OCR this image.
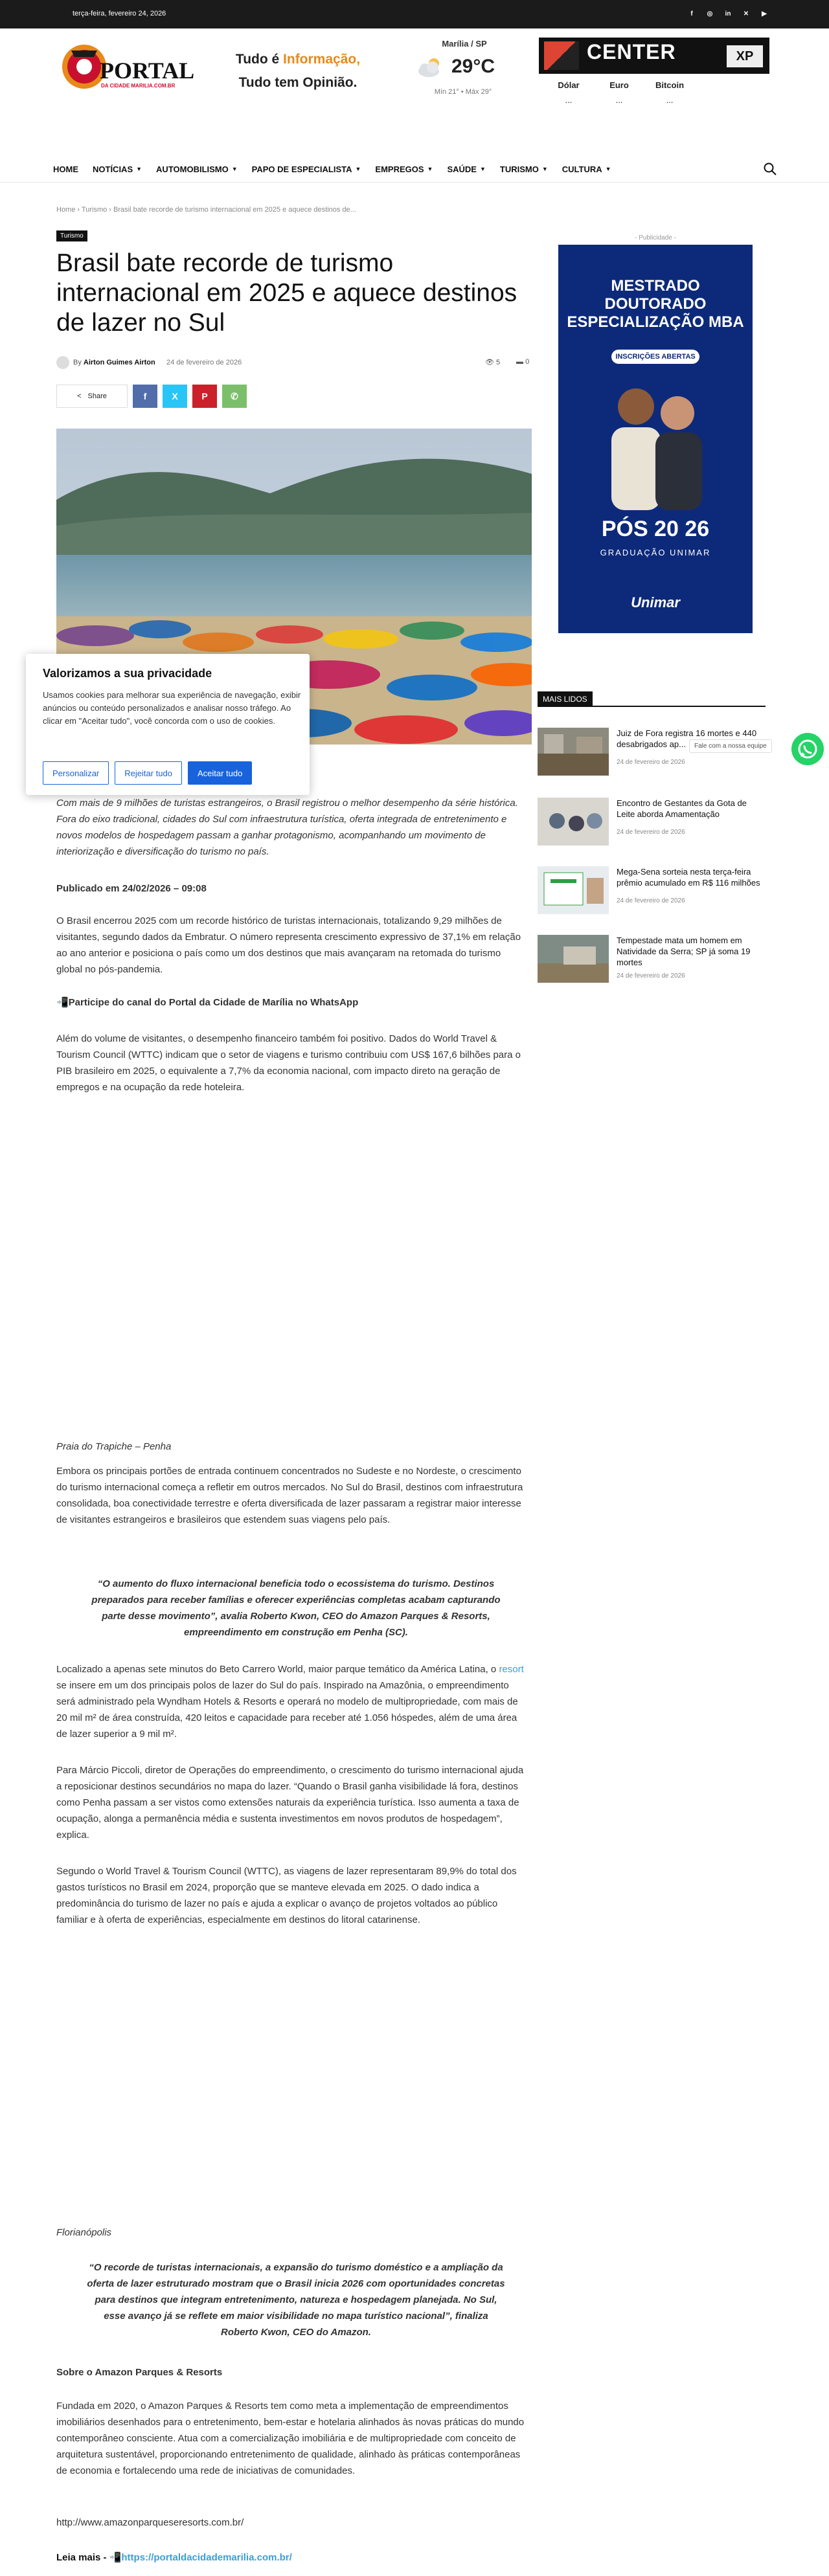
terça-feira, fevereiro 24, 2026	f	◎	in	✕	▶
PORTAL
DA CIDADE MARILIA.COM.BR
Tudo é Informação,
Tudo tem Opinião.
Marília / SP
29°C
Mín 21° • Máx 29°
CENTER	XP
Dólar
...
Euro
...
Bitcoin
...
HOME NOTÍCIAS ▼ AUTOMOBILISMO ▼ PAPO DE ESPECIALISTA ▼ EMPREGOS ▼ SAÚDE ▼ TURISMO ▼ CULTURA ▼
Home › Turismo › Brasil bate recorde de turismo internacional em 2025 e aquece destinos de...
Turismo
Brasil bate recorde de turismo internacional em 2025 e aquece destinos de lazer no Sul
By Airton Guimes Airton 24 de fevereiro de 2026	👁 5 ▬ 0
< Share	f	X	P	✆

Com mais de 9 milhões de turistas estrangeiros, o Brasil registrou o melhor desempenho da série histórica. Fora do eixo tradicional, cidades do Sul com infraestrutura turística, oferta integrada de entretenimento e novos modelos de hospedagem passam a ganhar protagonismo, acompanhando um movimento de interiorização e diversificação do turismo no país.

Publicado em 24/02/2026 – 09:08

O Brasil encerrou 2025 com um recorde histórico de turistas internacionais, totalizando 9,29 milhões de visitantes, segundo dados da Embratur. O número representa crescimento expressivo de 37,1% em relação ao ano anterior e posiciona o país como um dos destinos que mais avançaram na retomada do turismo global no pós-pandemia.

📲Participe do canal do Portal da Cidade de Marília no WhatsApp

Além do volume de visitantes, o desempenho financeiro também foi positivo. Dados do World Travel & Tourism Council (WTTC) indicam que o setor de viagens e turismo contribuiu com US$ 167,6 bilhões para o PIB brasileiro em 2025, o equivalente a 7,7% da economia nacional, com impacto direto na geração de empregos e na ocupação da rede hoteleira.

Praia do Trapiche – Penha

Embora os principais portões de entrada continuem concentrados no Sudeste e no Nordeste, o crescimento do turismo internacional começa a refletir em outros mercados. No Sul do Brasil, destinos com infraestrutura consolidada, boa conectividade terrestre e oferta diversificada de lazer passaram a registrar maior interesse de visitantes estrangeiros e brasileiros que estendem suas viagens pelo país.

“O aumento do fluxo internacional beneficia todo o ecossistema do turismo. Destinos preparados para receber famílias e oferecer experiências completas acabam capturando parte desse movimento”, avalia Roberto Kwon, CEO do Amazon Parques & Resorts, empreendimento em construção em Penha (SC).

Localizado a apenas sete minutos do Beto Carrero World, maior parque temático da América Latina, o resort se insere em um dos principais polos de lazer do Sul do país. Inspirado na Amazônia, o empreendimento será administrado pela Wyndham Hotels & Resorts e operará no modelo de multipropriedade, com mais de 20 mil m² de área construída, 420 leitos e capacidade para receber até 1.056 hóspedes, além de uma área de lazer superior a 9 mil m².

Para Márcio Piccoli, diretor de Operações do empreendimento, o crescimento do turismo internacional ajuda a reposicionar destinos secundários no mapa do lazer. “Quando o Brasil ganha visibilidade lá fora, destinos como Penha passam a ser vistos como extensões naturais da experiência turística. Isso aumenta a taxa de ocupação, alonga a permanência média e sustenta investimentos em novos produtos de hospedagem”, explica.

Segundo o World Travel & Tourism Council (WTTC), as viagens de lazer representaram 89,9% do total dos gastos turísticos no Brasil em 2024, proporção que se manteve elevada em 2025. O dado indica a predominância do turismo de lazer no país e ajuda a explicar o avanço de projetos voltados ao público familiar e à oferta de experiências, especialmente em destinos do litoral catarinense.

Florianópolis

“O recorde de turistas internacionais, a expansão do turismo doméstico e a ampliação da oferta de lazer estruturado mostram que o Brasil inicia 2026 com oportunidades concretas para destinos que integram entretenimento, natureza e hospedagem planejada. No Sul, esse avanço já se reflete em maior visibilidade no mapa turístico nacional”, finaliza Roberto Kwon, CEO do Amazon.

Sobre o Amazon Parques & Resorts

Fundada em 2020, o Amazon Parques & Resorts tem como meta a implementação de empreendimentos imobiliários desenhados para o entretenimento, bem-estar e hotelaria alinhados às novas práticas do mundo contemporâneo consciente. Atua com a comercialização imobiliária e de multipropriedade com conceito de arquitetura sustentável, proporcionando entretenimento de qualidade, alinhado às práticas contemporâneas de economia e fortalecendo uma rede de iniciativas de comunidades.

http://www.amazonparqueseresorts.com.br/

Leia mais - 📲https://portaldacidademarilia.com.br/

- Publicidade -
MESTRADO DOUTORADO ESPECIALIZAÇÃO MBA
INSCRIÇÕES ABERTAS
PÓS 20 26
GRADUAÇÃO UNIMAR
Unimar
MAIS LIDOS
Juiz de Fora registra 16 mortes e 440 desabrigados ap...
24 de fevereiro de 2026
Encontro de Gestantes da Gota de Leite aborda Amamentação
24 de fevereiro de 2026
Mega-Sena sorteia nesta terça-feira prêmio acumulado em R$ 116 milhões
24 de fevereiro de 2026
Tempestade mata um homem em Natividade da Serra; SP já soma 19 mortes
24 de fevereiro de 2026
Fale com a nossa equipe
Valorizamos a sua privacidade
Usamos cookies para melhorar sua experiência de navegação, exibir anúncios ou conteúdo personalizados e analisar nosso tráfego. Ao clicar em "Aceitar tudo", você concorda com o uso de cookies.
Personalizar	Rejeitar tudo	Aceitar tudo
